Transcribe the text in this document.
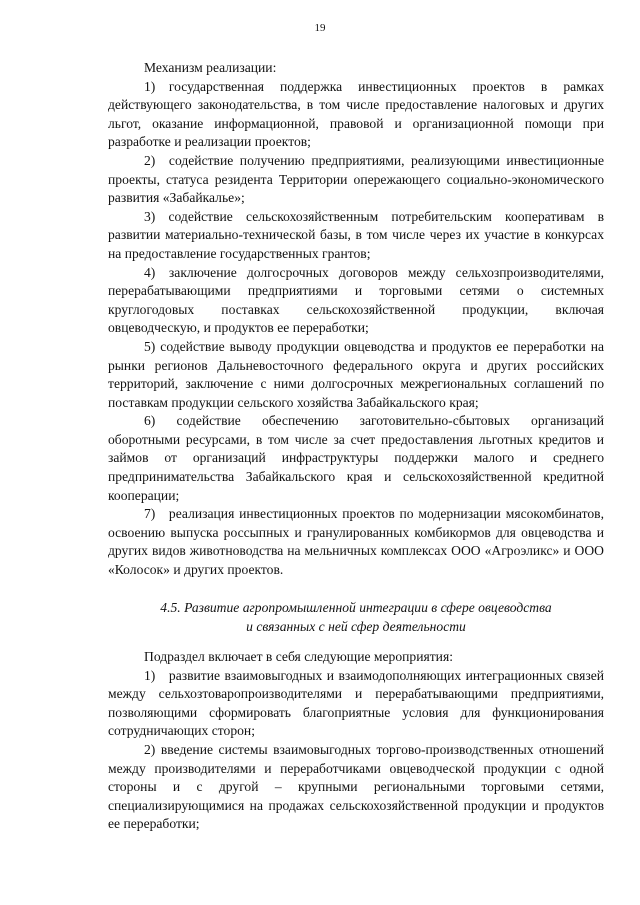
19

Механизм реализации:

1) государственная поддержка инвестиционных проектов в рамках действующего законодательства, в том числе предоставление налоговых и других льгот, оказание информационной, правовой и организационной помощи при разработке и реализации проектов;

2) содействие получению предприятиями, реализующими инвестиционные проекты, статуса резидента Территории опережающего социально-экономического развития «Забайкалье»;

3) содействие сельскохозяйственным потребительским кооперативам в развитии материально-технической базы, в том числе через их участие в конкурсах на предоставление государственных грантов;

4) заключение долгосрочных договоров между сельхозпроизводителями, перерабатывающими предприятиями и торговыми сетями о системных круглогодовых поставках сельскохозяйственной продукции, включая овцеводческую, и продуктов ее переработки;

5) содействие выводу продукции овцеводства и продуктов ее переработки на рынки регионов Дальневосточного федерального округа и других российских территорий, заключение с ними долгосрочных межрегиональных соглашений по поставкам продукции сельского хозяйства Забайкальского края;

6) содействие обеспечению заготовительно-сбытовых организаций оборотными ресурсами, в том числе за счет предоставления льготных кредитов и займов от организаций инфраструктуры поддержки малого и среднего предпринимательства Забайкальского края и сельскохозяйственной кредитной кооперации;

7) реализация инвестиционных проектов по модернизации мясокомбинатов, освоению выпуска россыпных и гранулированных комбикормов для овцеводства и других видов животноводства на мельничных комплексах ООО «Агроэликс» и ООО «Колосок» и других проектов.

4.5. Развитие агропромышленной интеграции в сфере овцеводства
и связанных с ней сфер деятельности

Подраздел включает в себя следующие мероприятия:

1) развитие взаимовыгодных и взаимодополняющих интеграционных связей между сельхозтоваропроизводителями и перерабатывающими предприятиями, позволяющими сформировать благоприятные условия для функционирования сотрудничающих сторон;

2) введение системы взаимовыгодных торгово-производственных отношений между производителями и переработчиками овцеводческой продукции с одной стороны и с другой – крупными региональными торговыми сетями, специализирующимися на продажах сельскохозяйственной продукции и продуктов ее переработки;
